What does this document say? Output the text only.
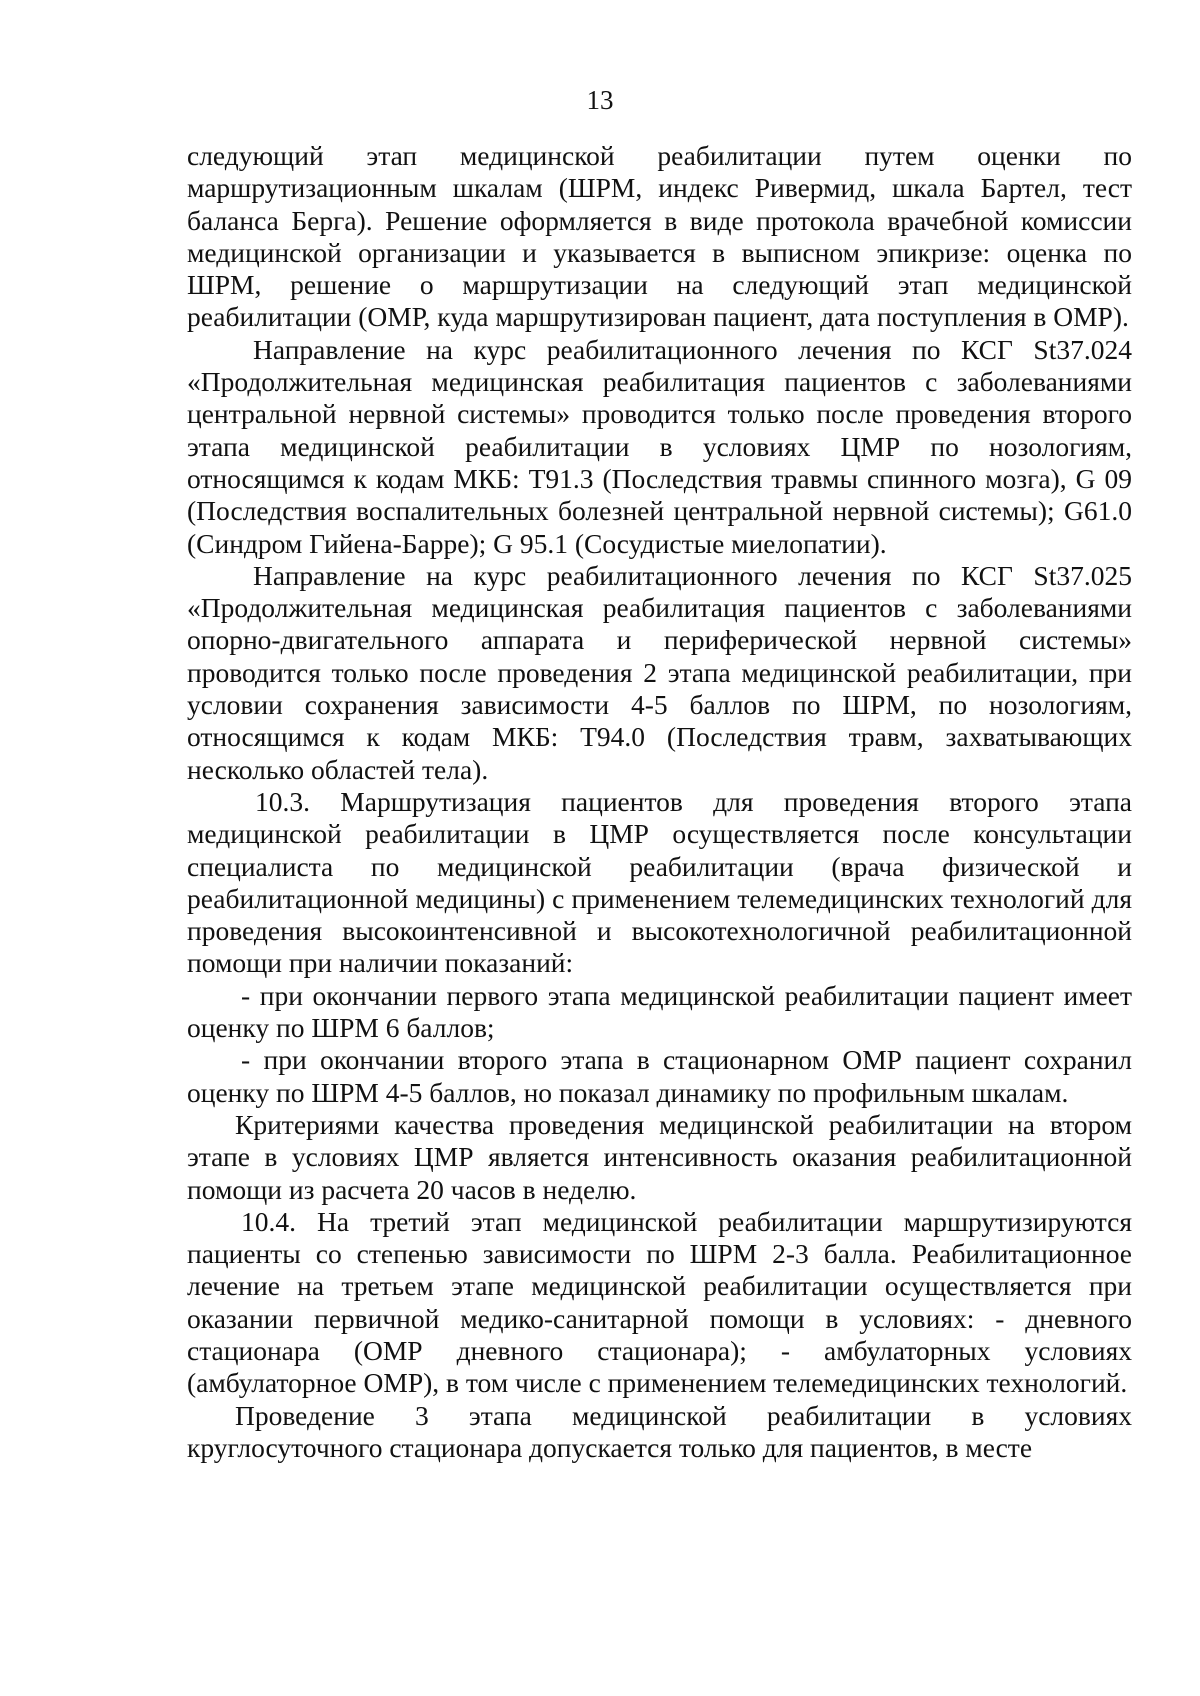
13

следующий этап медицинской реабилитации путем оценки по маршрутизационным шкалам (ШРМ, индекс Ривермид, шкала Бартел, тест баланса Берга). Решение оформляется в виде протокола врачебной комиссии медицинской организации и указывается в выписном эпикризе: оценка по ШРМ, решение о маршрутизации на следующий этап медицинской реабилитации (ОМР, куда маршрутизирован пациент, дата поступления в ОМР).

Направление на курс реабилитационного лечения по КСГ St37.024 «Продолжительная медицинская реабилитация пациентов с заболеваниями центральной нервной системы» проводится только после проведения второго этапа медицинской реабилитации в условиях ЦМР по нозологиям, относящимся к кодам МКБ: Т91.3 (Последствия травмы спинного мозга), G 09 (Последствия воспалительных болезней центральной нервной системы); G61.0 (Синдром Гийена-Барре); G 95.1 (Сосудистые миелопатии).

Направление на курс реабилитационного лечения по КСГ St37.025 «Продолжительная медицинская реабилитация пациентов с заболеваниями опорно-двигательного аппарата и периферической нервной системы» проводится только после проведения 2 этапа медицинской реабилитации, при условии сохранения зависимости 4-5 баллов по ШРМ, по нозологиям, относящимся к кодам МКБ: Т94.0 (Последствия травм, захватывающих несколько областей тела).

10.3. Маршрутизация пациентов для проведения второго этапа медицинской реабилитации в ЦМР осуществляется после консультации специалиста по медицинской реабилитации (врача физической и реабилитационной медицины) с применением телемедицинских технологий для проведения высокоинтенсивной и высокотехнологичной реабилитационной помощи при наличии показаний:

- при окончании первого этапа медицинской реабилитации пациент имеет оценку по ШРМ 6 баллов;

- при окончании второго этапа в стационарном ОМР пациент сохранил оценку по ШРМ 4-5 баллов, но показал динамику по профильным шкалам.

Критериями качества проведения медицинской реабилитации на втором этапе в условиях ЦМР является интенсивность оказания реабилитационной помощи из расчета 20 часов в неделю.

10.4. На третий этап медицинской реабилитации маршрутизируются пациенты со степенью зависимости по ШРМ 2-3 балла. Реабилитационное лечение на третьем этапе медицинской реабилитации осуществляется при оказании первичной медико-санитарной помощи в условиях: - дневного стационара (ОМР дневного стационара); - амбулаторных условиях (амбулаторное ОМР), в том числе с применением телемедицинских технологий.

Проведение 3 этапа медицинской реабилитации в условиях круглосуточного стационара допускается только для пациентов, в месте
